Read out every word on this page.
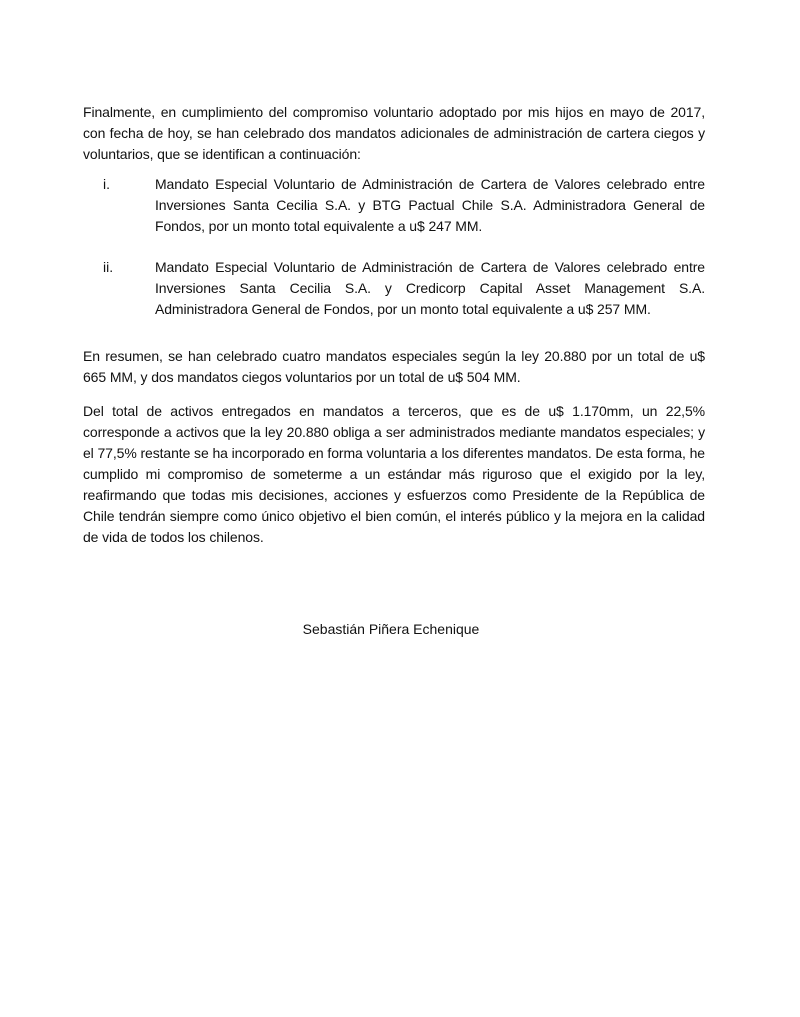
Finalmente, en cumplimiento del compromiso voluntario adoptado por mis hijos en mayo de 2017, con fecha de hoy, se han celebrado dos mandatos adicionales de administración de cartera ciegos y voluntarios, que se identifican a continuación:
i.	Mandato Especial Voluntario de Administración de Cartera de Valores celebrado entre Inversiones Santa Cecilia S.A. y BTG Pactual Chile S.A. Administradora General de Fondos, por un monto total equivalente a u$ 247 MM.
ii.	Mandato Especial Voluntario de Administración de Cartera de Valores celebrado entre Inversiones Santa Cecilia S.A. y Credicorp Capital Asset Management S.A. Administradora General de Fondos, por un monto total equivalente a u$ 257 MM.
En resumen, se han celebrado cuatro mandatos especiales según la ley 20.880 por un total de u$ 665 MM, y dos mandatos ciegos voluntarios por un total de u$ 504 MM.
Del total de activos entregados en mandatos a terceros, que es de u$ 1.170mm, un 22,5% corresponde a activos que la ley 20.880 obliga a ser administrados mediante mandatos especiales; y el 77,5% restante se ha incorporado en forma voluntaria a los diferentes mandatos. De esta forma, he cumplido mi compromiso de someterme a un estándar más riguroso que el exigido por la ley, reafirmando que todas mis decisiones, acciones y esfuerzos como Presidente de la República de Chile tendrán siempre como único objetivo el bien común, el interés público y la mejora en la calidad de vida de todos los chilenos.
Sebastián Piñera Echenique
